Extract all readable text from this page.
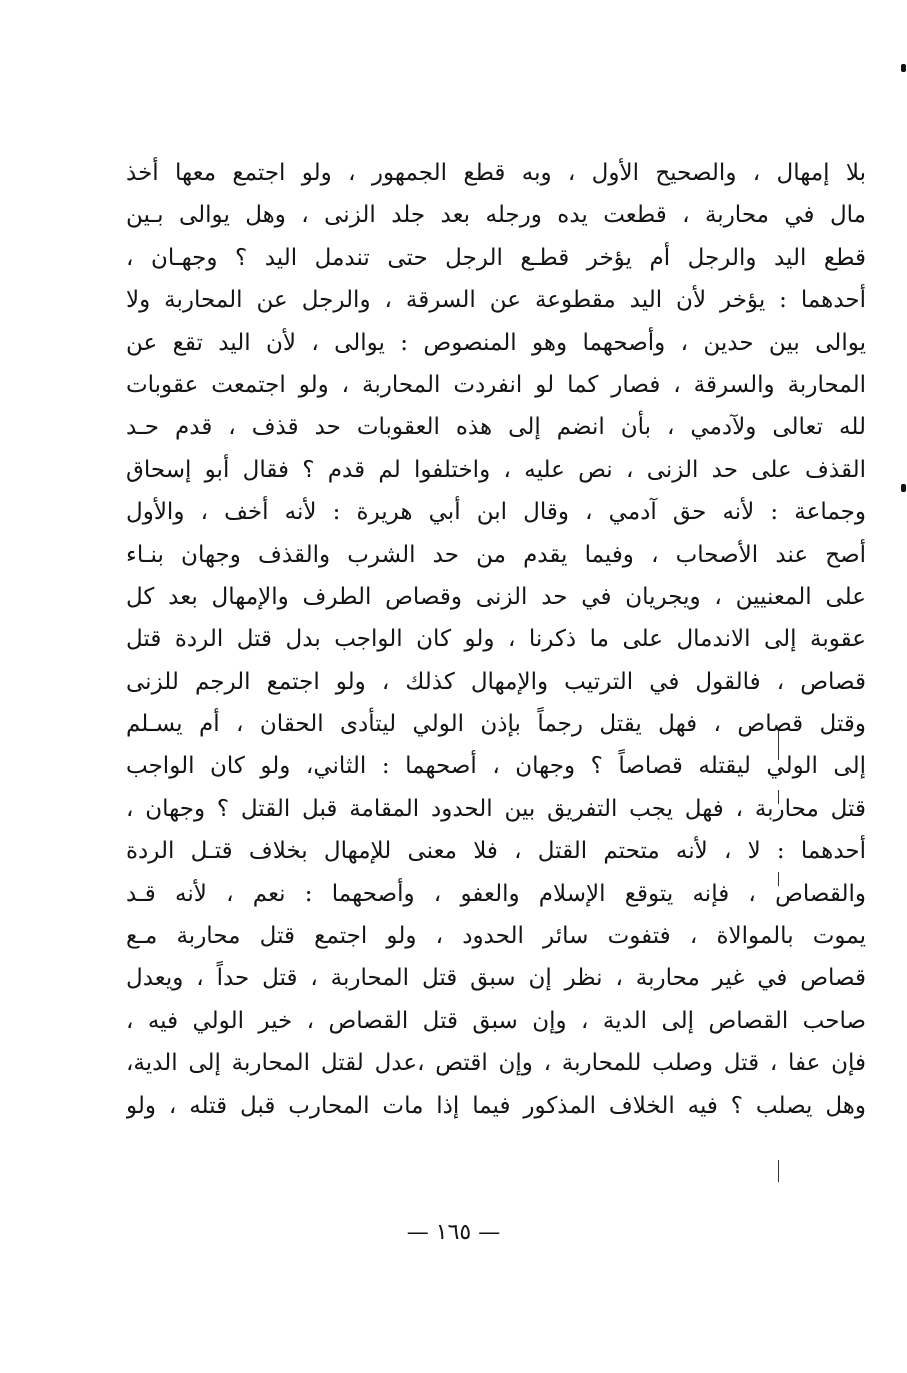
بلا إمهال ، والصحيح الأول ، وبه قطع الجمهور ، ولو اجتمع معها أخذ
مال في محاربة ، قطعت يده ورجله بعد جلد الزنى ، وهل يوالى بـين
قطع اليد والرجل أم يؤخر قطـع الرجل حتى تندمل اليد ؟ وجهـان ،
أحدهما : يؤخر لأن اليد مقطوعة عن السرقة ، والرجل عن المحاربة ولا
يوالى بين حدين ، وأصحهما وهو المنصوص : يوالى ، لأن اليد تقع عن
المحاربة والسرقة ، فصار كما لو انفردت المحاربة ، ولو اجتمعت عقوبات
لله تعالى ولآدمي ، بأن انضم إلى هذه العقوبات حد قذف ، قدم حـد
القذف على حد الزنى ، نص عليه ، واختلفوا لم قدم ؟ فقال أبو إسحاق
وجماعة : لأنه حق آدمي ، وقال ابن أبي هريرة : لأنه أخف ، والأول
أصح عند الأصحاب ، وفيما يقدم من حد الشرب والقذف وجهان بنـاء
على المعنيين ، ويجريان في حد الزنى وقصاص الطرف والإمهال بعد كل
عقوبة إلى الاندمال على ما ذكرنا ، ولو كان الواجب بدل قتل الردة قتل
قصاص ، فالقول في الترتيب والإمهال كذلك ، ولو اجتمع الرجم للزنى
وقتل قصاص ، فهل يقتل رجماً بإذن الولي ليتأدى الحقان ، أم يسـلم
إلى الولي ليقتله قصاصاً ؟ وجهان ، أصحهما : الثاني، ولو كان الواجب
قتل محاربة ، فهل يجب التفريق بين الحدود المقامة قبل القتل ؟ وجهان ،
أحدهما : لا ، لأنه متحتم القتل ، فلا معنى للإمهال بخلاف قتـل الردة
والقصاص ، فإنه يتوقع الإسلام والعفو ، وأصحهما : نعم ، لأنه قـد
يموت بالموالاة ، فتفوت سائر الحدود ، ولو اجتمع قتل محاربة مـع
قصاص في غير محاربة ، نظر إن سبق قتل المحاربة ، قتل حداً ، ويعدل
صاحب القصاص إلى الدية ، وإن سبق قتل القصاص ، خير الولي فيه ،
فإن عفا ، قتل وصلب للمحاربة ، وإن اقتص ،عدل لقتل المحاربة إلى الدية،
وهل يصلب ؟ فيه الخلاف المذكور فيما إذا مات المحارب قبل قتله ، ولو
— ١٦٥ —
